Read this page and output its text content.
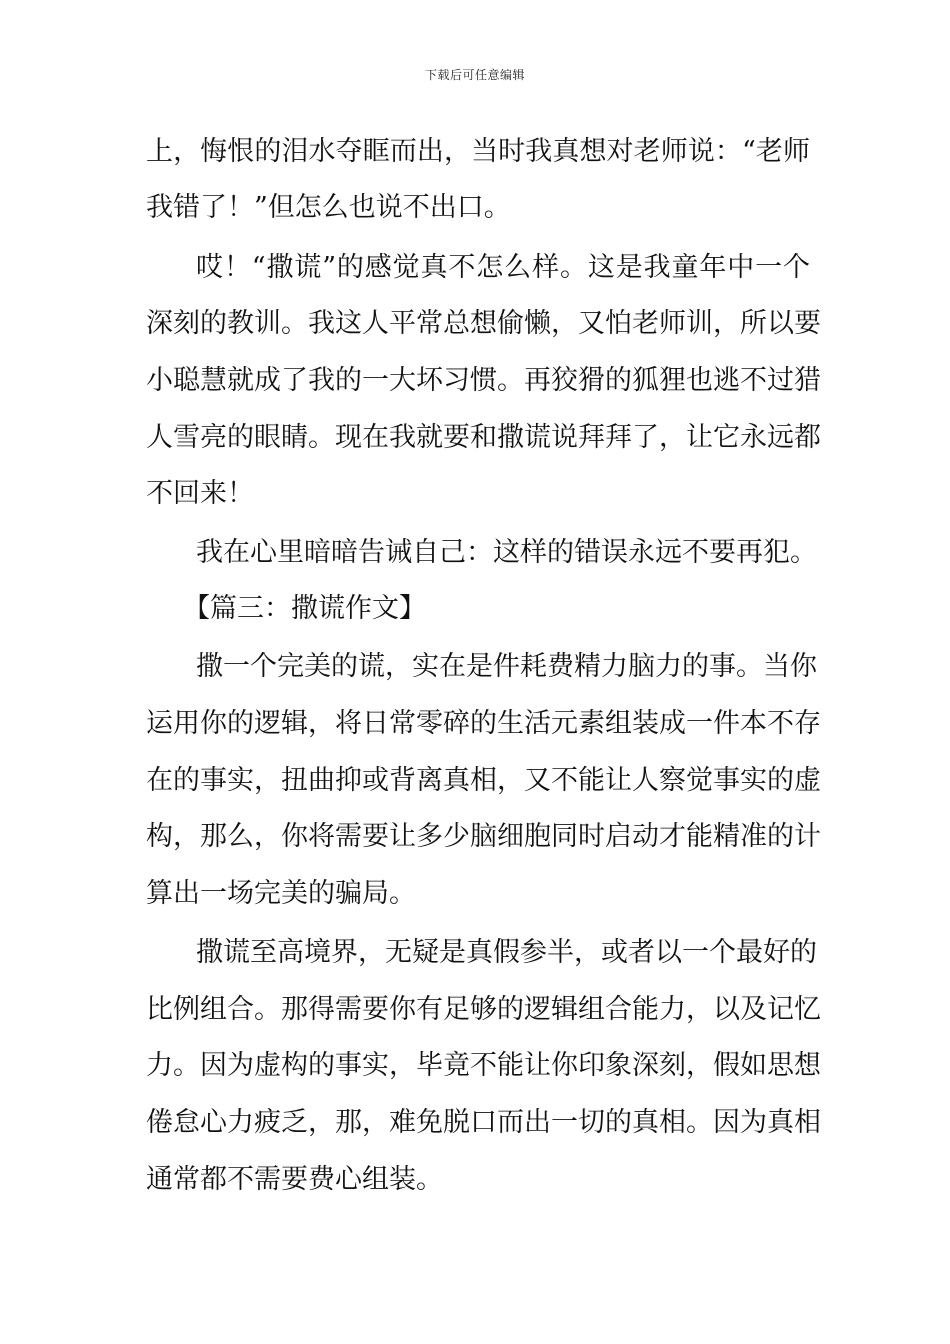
下载后可任意编辑
上，悔恨的泪水夺眶而出，当时我真想对老师说：“老师
我错了！”但怎么也说不出口。
哎！“撒谎”的感觉真不怎么样。这是我童年中一个
深刻的教训。我这人平常总想偷懒，又怕老师训，所以要
小聪慧就成了我的一大坏习惯。再狡猾的狐狸也逃不过猎
人雪亮的眼睛。现在我就要和撒谎说拜拜了，让它永远都
不回来！
我在心里暗暗告诫自己：这样的错误永远不要再犯。
【篇三：撒谎作文】
撒一个完美的谎，实在是件耗费精力脑力的事。当你
运用你的逻辑，将日常零碎的生活元素组装成一件本不存
在的事实，扭曲抑或背离真相，又不能让人察觉事实的虚
构，那么，你将需要让多少脑细胞同时启动才能精准的计
算出一场完美的骗局。
撒谎至高境界，无疑是真假参半，或者以一个最好的
比例组合。那得需要你有足够的逻辑组合能力，以及记忆
力。因为虚构的事实，毕竟不能让你印象深刻，假如思想
倦怠心力疲乏，那，难免脱口而出一切的真相。因为真相
通常都不需要费心组装。
